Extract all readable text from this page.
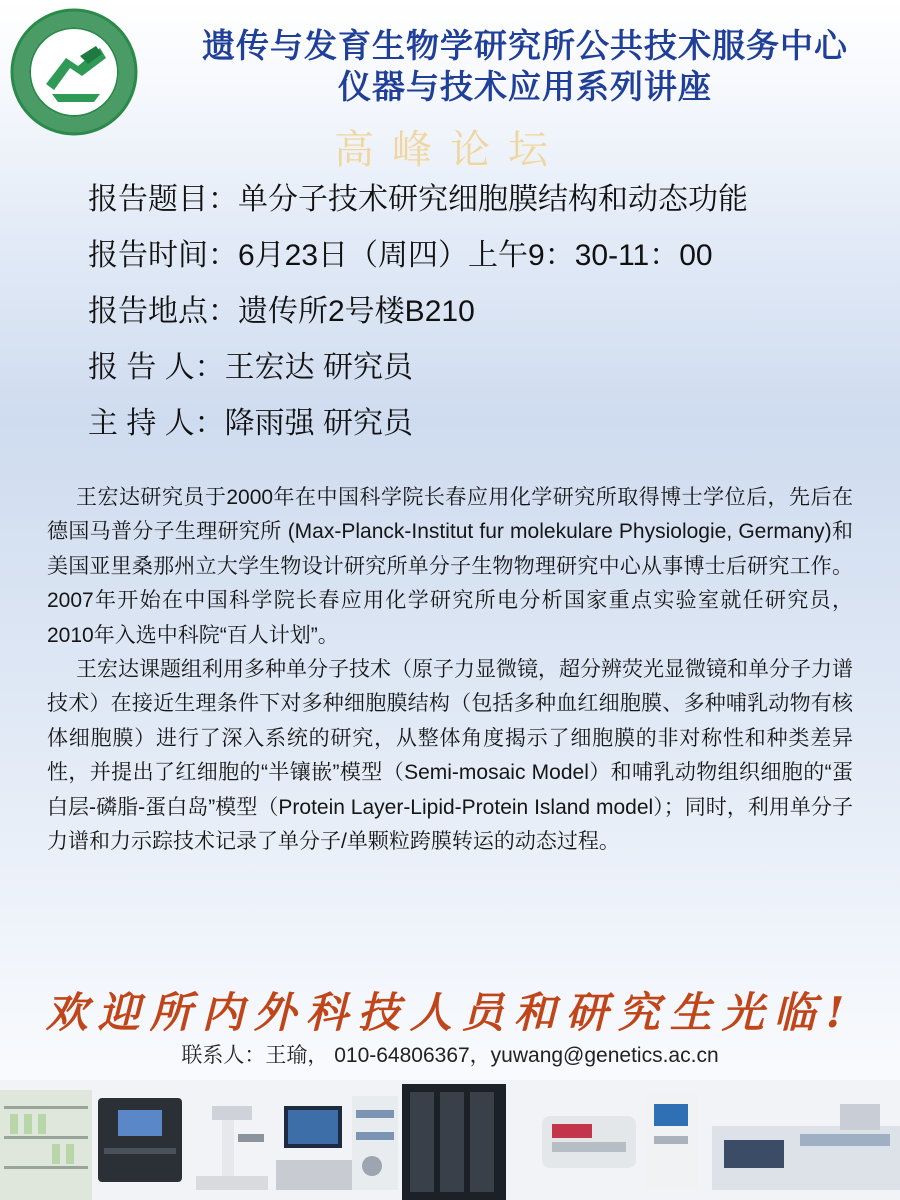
遗传与发育生物学研究所公共技术服务中心
仪器与技术应用系列讲座
高峰论坛
报告题目：单分子技术研究细胞膜结构和动态功能
报告时间：6月23日（周四）上午9：30-11：00
报告地点：遗传所2号楼B210
报 告 人：王宏达 研究员
主 持 人：降雨强 研究员

王宏达研究员于2000年在中国科学院长春应用化学研究所取得博士学位后，先后在德国马普分子生理研究所 (Max-Planck-Institut fur molekulare Physiologie, Germany)和美国亚里桑那州立大学生物设计研究所单分子生物物理研究中心从事博士后研究工作。2007年开始在中国科学院长春应用化学研究所电分析国家重点实验室就任研究员，2010年入选中科院“百人计划”。

王宏达课题组利用多种单分子技术（原子力显微镜，超分辨荧光显微镜和单分子力谱技术）在接近生理条件下对多种细胞膜结构（包括多种血红细胞膜、多种哺乳动物有核体细胞膜）进行了深入系统的研究，从整体角度揭示了细胞膜的非对称性和种类差异性，并提出了红细胞的“半镶嵌”模型（Semi-mosaic Model）和哺乳动物组织细胞的“蛋白层-磷脂-蛋白岛”模型（Protein Layer-Lipid-Protein Island model）；同时，利用单分子力谱和力示踪技术记录了单分子/单颗粒跨膜转运的动态过程。

欢迎所内外科技人员和研究生光临!
联系人：王瑜， 010-64806367，yuwang@genetics.ac.cn
